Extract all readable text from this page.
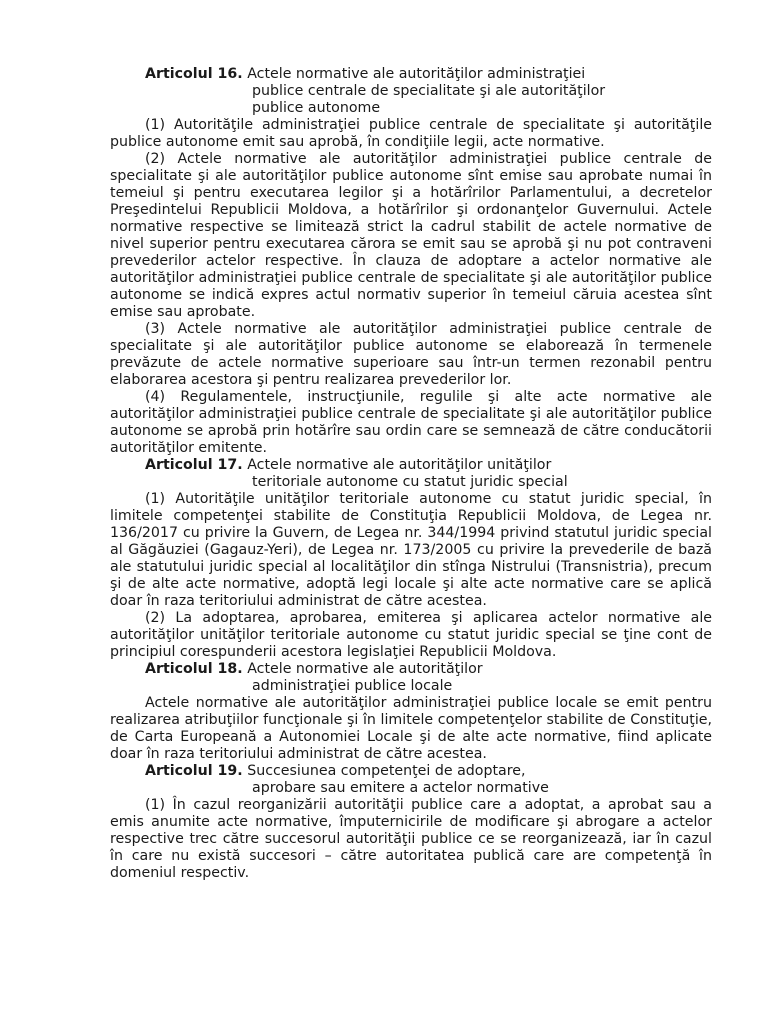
Articolul 16. Actele normative ale autorităţilor administraţiei

publice centrale de specialitate şi ale autorităţilor

publice autonome

(1) Autorităţile administraţiei publice centrale de specialitate şi autorităţile publice autonome emit sau aprobă, în condiţiile legii, acte normative.

(2) Actele normative ale autorităţilor administraţiei publice centrale de specialitate şi ale autorităţilor publice autonome sînt emise sau aprobate numai în temeiul şi pentru executarea legilor şi a hotărîrilor Parlamentului, a decretelor Preşedintelui Republicii Moldova, a hotărîrilor şi ordonanţelor Guvernului. Actele normative respective se limitează strict la cadrul stabilit de actele normative de nivel superior pentru executarea cărora se emit sau se aprobă şi nu pot contraveni prevederilor actelor respective. În clauza de adoptare a actelor normative ale autorităţilor administraţiei publice centrale de specialitate şi ale autorităţilor publice autonome se indică expres actul normativ superior în temeiul căruia acestea sînt emise sau aprobate.

(3) Actele normative ale autorităţilor administraţiei publice centrale de specialitate şi ale autorităţilor publice autonome se elaborează în termenele prevăzute de actele normative superioare sau într-un termen rezonabil pentru elaborarea acestora şi pentru realizarea prevederilor lor.

(4) Regulamentele, instrucţiunile, regulile şi alte acte normative ale autorităţilor administraţiei publice centrale de specialitate şi ale autorităţilor publice autonome se aprobă prin hotărîre sau ordin care se semnează de către conducătorii autorităţilor emitente.

Articolul 17. Actele normative ale autorităţilor unităţilor

teritoriale autonome cu statut juridic special

(1) Autorităţile unităţilor teritoriale autonome cu statut juridic special, în limitele competenţei stabilite de Constituţia Republicii Moldova, de Legea nr. 136/2017 cu privire la Guvern, de Legea nr. 344/1994 privind statutul juridic special al Găgăuziei (Gagauz-Yeri), de Legea nr. 173/2005 cu privire la prevederile de bază ale statutului juridic special al localităţilor din stînga Nistrului (Transnistria), precum şi de alte acte normative, adoptă legi locale şi alte acte normative care se aplică doar în raza teritoriului administrat de către acestea.

(2) La adoptarea, aprobarea, emiterea şi aplicarea actelor normative ale autorităţilor unităţilor teritoriale autonome cu statut juridic special se ţine cont de principiul corespunderii acestora legislaţiei Republicii Moldova.

Articolul 18. Actele normative ale autorităţilor

administraţiei publice locale

Actele normative ale autorităţilor administraţiei publice locale se emit pentru realizarea atribuţiilor funcţionale şi în limitele competenţelor stabilite de Constituţie, de Carta Europeană a Autonomiei Locale şi de alte acte normative, fiind aplicate doar în raza teritoriului administrat de către acestea.

Articolul 19. Succesiunea competenţei de adoptare,

aprobare sau emitere a actelor normative

(1) În cazul reorganizării autorităţii publice care a adoptat, a aprobat sau a emis anumite acte normative, împuternicirile de modificare şi abrogare a actelor respective trec către succesorul autorităţii publice ce se reorganizează, iar în cazul în care nu există succesori – către autoritatea publică care are competenţă în domeniul respectiv.
